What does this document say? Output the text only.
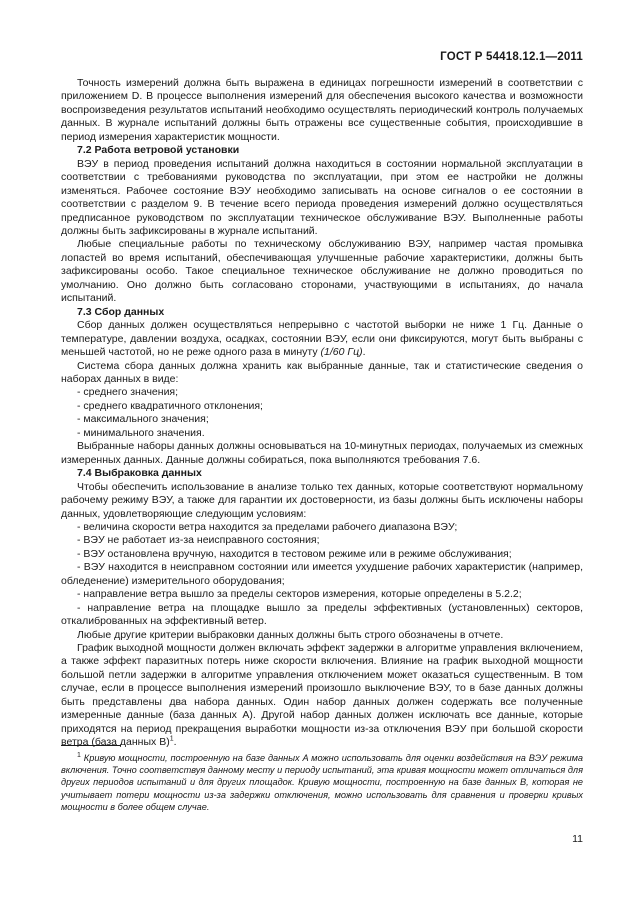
ГОСТ Р 54418.12.1—2011

Точность измерений должна быть выражена в единицах погрешности измерений в соответствии с приложением D. В процессе выполнения измерений для обеспечения высокого качества и возможности воспроизведения результатов испытаний необходимо осуществлять периодический контроль получаемых данных. В журнале испытаний должны быть отражены все существенные события, происходившие в период измерения характеристик мощности.

7.2 Работа ветровой установки

ВЭУ в период проведения испытаний должна находиться в состоянии нормальной эксплуатации в соответствии с требованиями руководства по эксплуатации, при этом ее настройки не должны изменяться. Рабочее состояние ВЭУ необходимо записывать на основе сигналов о ее состоянии в соответствии с разделом 9. В течение всего периода проведения измерений должно осуществляться предписанное руководством по эксплуатации техническое обслуживание ВЭУ. Выполненные работы должны быть зафиксированы в журнале испытаний.

Любые специальные работы по техническому обслуживанию ВЭУ, например частая промывка лопастей во время испытаний, обеспечивающая улучшенные рабочие характеристики, должны быть зафиксированы особо. Такое специальное техническое обслуживание не должно проводиться по умолчанию. Оно должно быть согласовано сторонами, участвующими в испытаниях, до начала испытаний.

7.3 Сбор данных

Сбор данных должен осуществляться непрерывно с частотой выборки не ниже 1 Гц. Данные о температуре, давлении воздуха, осадках, состоянии ВЭУ, если они фиксируются, могут быть выбраны с меньшей частотой, но не реже одного раза в минуту (1/60 Гц).

Система сбора данных должна хранить как выбранные данные, так и статистические сведения о наборах данных в виде:

- среднего значения;

- среднего квадратичного отклонения;

- максимального значения;

- минимального значения.

Выбранные наборы данных должны основываться на 10-минутных периодах, получаемых из смежных измеренных данных. Данные должны собираться, пока выполняются требования 7.6.

7.4 Выбраковка данных

Чтобы обеспечить использование в анализе только тех данных, которые соответствуют нормальному рабочему режиму ВЭУ, а также для гарантии их достоверности, из базы должны быть исключены наборы данных, удовлетворяющие следующим условиям:

- величина скорости ветра находится за пределами рабочего диапазона ВЭУ;

- ВЭУ не работает из-за неисправного состояния;

- ВЭУ остановлена вручную, находится в тестовом режиме или в режиме обслуживания;

- ВЭУ находится в неисправном состоянии или имеется ухудшение рабочих характеристик (например, обледенение) измерительного оборудования;

- направление ветра вышло за пределы секторов измерения, которые определены в 5.2.2;

- направление ветра на площадке вышло за пределы эффективных (установленных) секторов, откалиброванных на эффективный ветер.

Любые другие критерии выбраковки данных должны быть строго обозначены в отчете.

График выходной мощности должен включать эффект задержки в алгоритме управления включением, а также эффект паразитных потерь ниже скорости включения. Влияние на график выходной мощности большой петли задержки в алгоритме управления отключением может оказаться существенным. В том случае, если в процессе выполнения измерений произошло выключение ВЭУ, то в базе данных должны быть представлены два набора данных. Один набор данных должен содержать все полученные измеренные данные (база данных A). Другой набор данных должен исключать все данные, которые приходятся на период прекращения выработки мощности из-за отключения ВЭУ при большой скорости ветра (база данных B)$^1$.

$^1$ Кривую мощности, построенную на базе данных A можно использовать для оценки воздействия на ВЭУ режима включения. Точно соответствуя данному месту и периоду испытаний, эта кривая мощности может отличаться для других периодов испытаний и для других площадок. Кривую мощности, построенную на базе данных B, которая не учитывает потери мощности из-за задержки отключения, можно использовать для сравнения и проверки кривых мощности в более общем случае.

11
